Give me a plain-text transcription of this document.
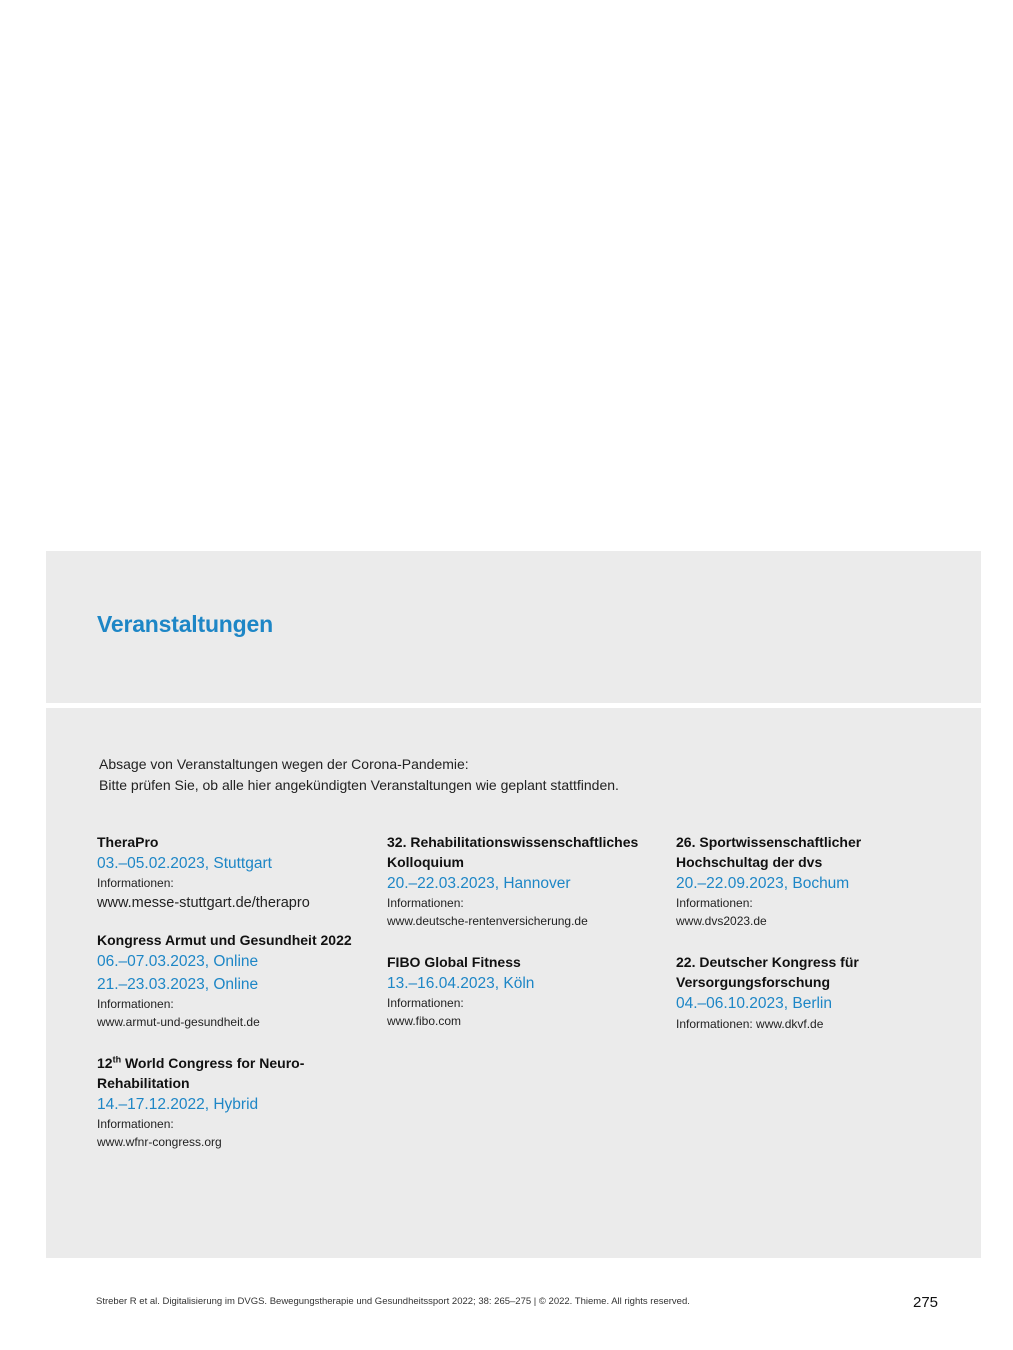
Veranstaltungen
Absage von Veranstaltungen wegen der Corona-Pandemie:
Bitte prüfen Sie, ob alle hier angekündigten Veranstaltungen wie geplant stattfinden.
TheraPro
03.–05.02.2023, Stuttgart
Informationen:
www.messe-stuttgart.de/therapro
Kongress Armut und Gesundheit 2022
06.–07.03.2023, Online
21.–23.03.2023, Online
Informationen:
www.armut-und-gesundheit.de
12th World Congress for Neuro-
Rehabilitation
14.–17.12.2022, Hybrid
Informationen:
www.wfnr-congress.org
32. Rehabilitationswissenschaftliches
Kolloquium
20.–22.03.2023, Hannover
Informationen:
www.deutsche-rentenversicherung.de
FIBO Global Fitness
13.–16.04.2023, Köln
Informationen:
www.fibo.com
26. Sportwissenschaftlicher
Hochschultag der dvs
20.–22.09.2023, Bochum
Informationen:
www.dvs2023.de
22. Deutscher Kongress für
Versorgungsforschung
04.–06.10.2023, Berlin
Informationen: www.dkvf.de
Streber R et al. Digitalisierung im DVGS. Bewegungstherapie und Gesundheitssport 2022; 38: 265–275 | © 2022. Thieme. All rights reserved.	275
